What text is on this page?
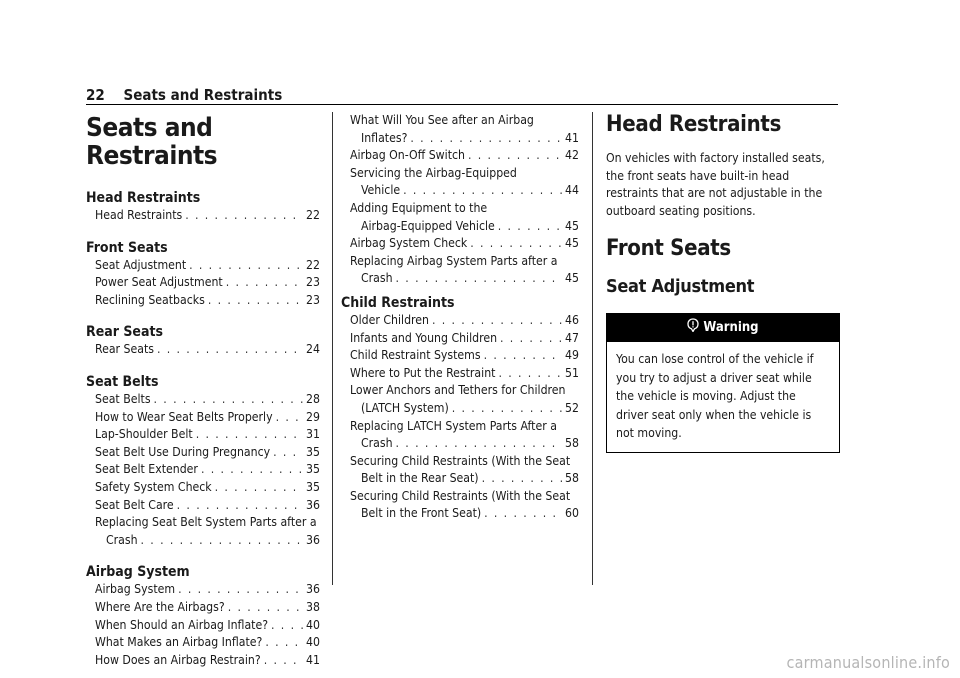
22 Seats and Restraints
Seats and Restraints
Head Restraints
Head Restraints . . .	22
Front Seats
Seat Adjustment . . .	22
Power Seat Adjustment . . .	23
Reclining Seatbacks . . .	23
Rear Seats
Rear Seats . . .	24
Seat Belts
Seat Belts . . .	28
How to Wear Seat Belts Properly . . .	29
Lap-Shoulder Belt . . .	31
Seat Belt Use During Pregnancy . . .	35
Seat Belt Extender . . .	35
Safety System Check . . .	35
Seat Belt Care . . .	36
Replacing Seat Belt System Parts after a
Crash . . .	36
Airbag System
Airbag System . . .	36
Where Are the Airbags? . . .	38
When Should an Airbag Inflate? . . .	40
What Makes an Airbag Inflate? . . .	40
How Does an Airbag Restrain? . . .	41
What Will You See after an Airbag
Inflates? . . .	41
Airbag On-Off Switch . . .	42
Servicing the Airbag-Equipped
Vehicle . . .	44
Adding Equipment to the
Airbag-Equipped Vehicle . . .	45
Airbag System Check . . .	45
Replacing Airbag System Parts after a
Crash . . .	45
Child Restraints
Older Children . . .	46
Infants and Young Children . . .	47
Child Restraint Systems . . .	49
Where to Put the Restraint . . .	51
Lower Anchors and Tethers for Children
(LATCH System) . . .	52
Replacing LATCH System Parts After a
Crash . . .	58
Securing Child Restraints (With the Seat
Belt in the Rear Seat) . . .	58
Securing Child Restraints (With the Seat
Belt in the Front Seat) . . .	60
Head Restraints
On vehicles with factory installed seats, the front seats have built-in head restraints that are not adjustable in the outboard seating positions.
Front Seats
Seat Adjustment
Warning
You can lose control of the vehicle if you try to adjust a driver seat while the vehicle is moving. Adjust the driver seat only when the vehicle is not moving.
carmanualsonline.info
